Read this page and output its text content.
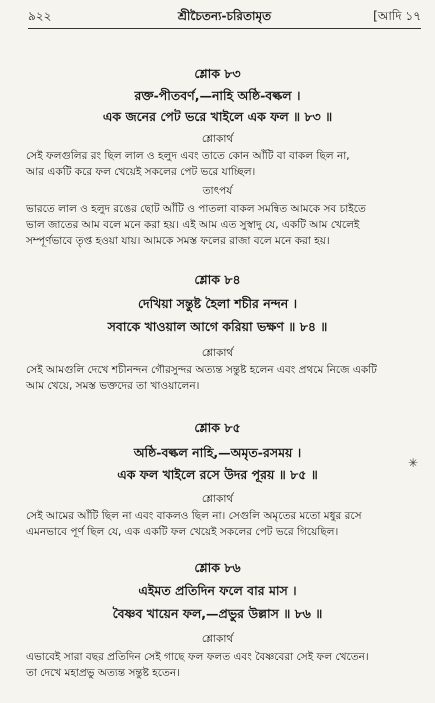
৯২২	শ্রীচৈতন্য-চরিতামৃত	[আদি ১৭
শ্লোক ৮৩
রক্ত-পীতবর্ণ,—নাহি অষ্ঠি-বল্কল ।
এক জনের পেট ভরে খাইলে এক ফল ॥ ৮৩ ॥
শ্লোকার্থ
সেই ফলগুলির রং ছিল লাল ও হলুদ এবং তাতে কোন আঁটি বা বাকল ছিল না,
আর একটি করে ফল খেয়েই সকলের পেট ভরে যাচ্ছিল।
তাৎপর্য
ভারতে লাল ও হলুদ রঙের ছোট আঁটি ও পাতলা বাকল সমন্বিত আমকে সব চাইতে
ভাল জাতের আম বলে মনে করা হয়। এই আম এত সুস্বাদু যে, একটি আম খেলেই
সম্পূর্ণভাবে তৃপ্ত হওয়া যায়। আমকে সমস্ত ফলের রাজা বলে মনে করা হয়।
শ্লোক ৮৪
দেখিয়া সন্তুষ্ট হৈলা শচীর নন্দন ।
সবাকে খাওয়াল আগে করিয়া ভক্ষণ ॥ ৮৪ ॥
শ্লোকার্থ
সেই আমগুলি দেখে শচীনন্দন গৌরসুন্দর অত্যন্ত সন্তুষ্ট হলেন এবং প্রথমে নিজে একটি
আম খেয়ে, সমস্ত ভক্তদের তা খাওয়ালেন।
শ্লোক ৮৫
অষ্ঠি-বল্কল নাহি,—অমৃত-রসময় ।
এক ফল খাইলে রসে উদর পূরয় ॥ ৮৫ ॥
✳
শ্লোকার্থ
সেই আমের আঁটি ছিল না এবং বাকলও ছিল না। সেগুলি অমৃতের মতো মধুর রসে
এমনভাবে পূর্ণ ছিল যে, এক একটি ফল খেয়েই সকলের পেট ভরে গিয়েছিল।
শ্লোক ৮৬
এইমত প্রতিদিন ফলে বার মাস ।
বৈষ্ণব খায়েন ফল,—প্রভুর উল্লাস ॥ ৮৬ ॥
শ্লোকার্থ
এভাবেই সারা বছর প্রতিদিন সেই গাছে ফল ফলত এবং বৈষ্ণবেরা সেই ফল খেতেন।
তা দেখে মহাপ্রভু অত্যন্ত সন্তুষ্ট হতেন।
